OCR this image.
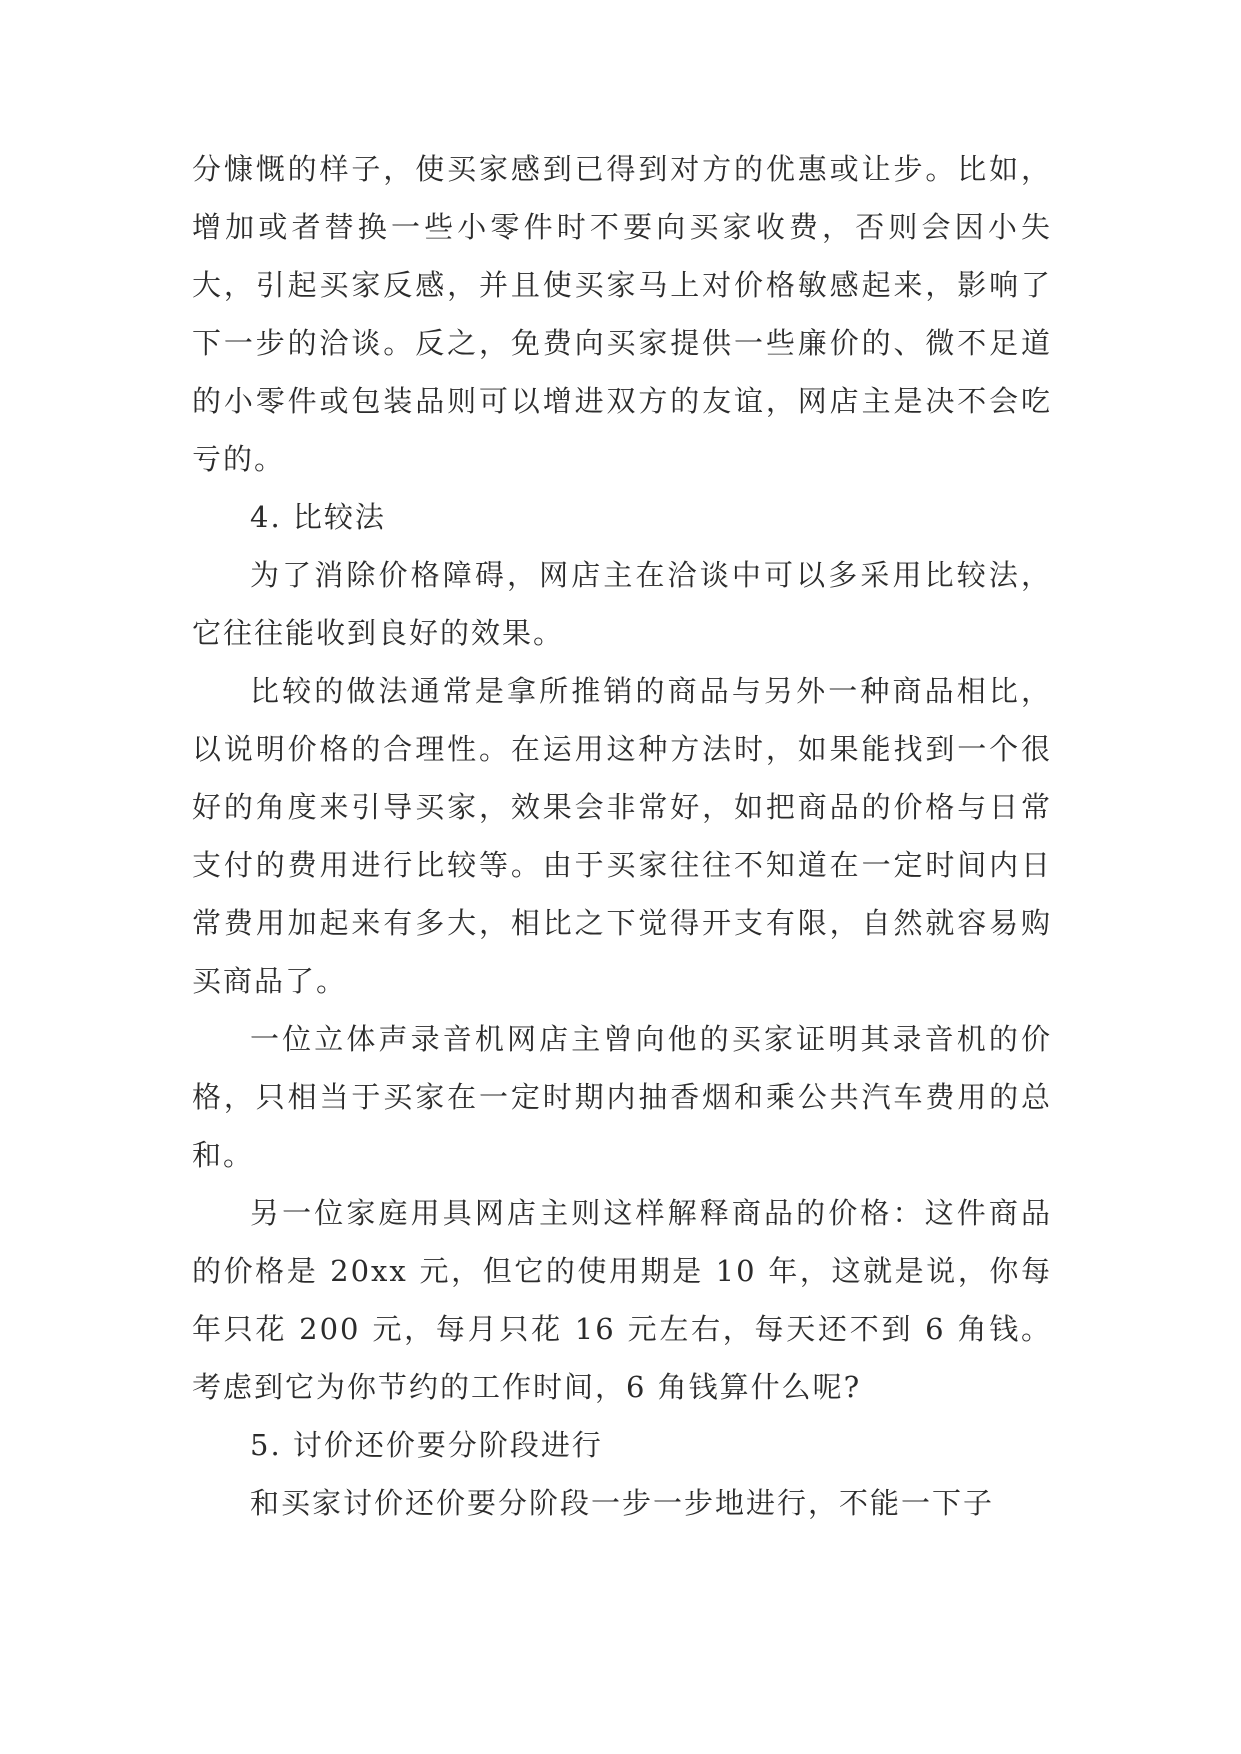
分慷慨的样子，使买家感到已得到对方的优惠或让步。比如，增加或者替换一些小零件时不要向买家收费，否则会因小失大，引起买家反感，并且使买家马上对价格敏感起来，影响了下一步的洽谈。反之，免费向买家提供一些廉价的、微不足道的小零件或包装品则可以增进双方的友谊，网店主是决不会吃亏的。

4. 比较法

为了消除价格障碍，网店主在洽谈中可以多采用比较法，它往往能收到良好的效果。

比较的做法通常是拿所推销的商品与另外一种商品相比，以说明价格的合理性。在运用这种方法时，如果能找到一个很好的角度来引导买家，效果会非常好，如把商品的价格与日常支付的费用进行比较等。由于买家往往不知道在一定时间内日常费用加起来有多大，相比之下觉得开支有限，自然就容易购买商品了。

一位立体声录音机网店主曾向他的买家证明其录音机的价格，只相当于买家在一定时期内抽香烟和乘公共汽车费用的总和。

另一位家庭用具网店主则这样解释商品的价格：这件商品的价格是 20xx 元，但它的使用期是 10 年，这就是说，你每年只花 200 元，每月只花 16 元左右，每天还不到 6 角钱。考虑到它为你节约的工作时间，6 角钱算什么呢?

5. 讨价还价要分阶段进行

和买家讨价还价要分阶段一步一步地进行，不能一下子
